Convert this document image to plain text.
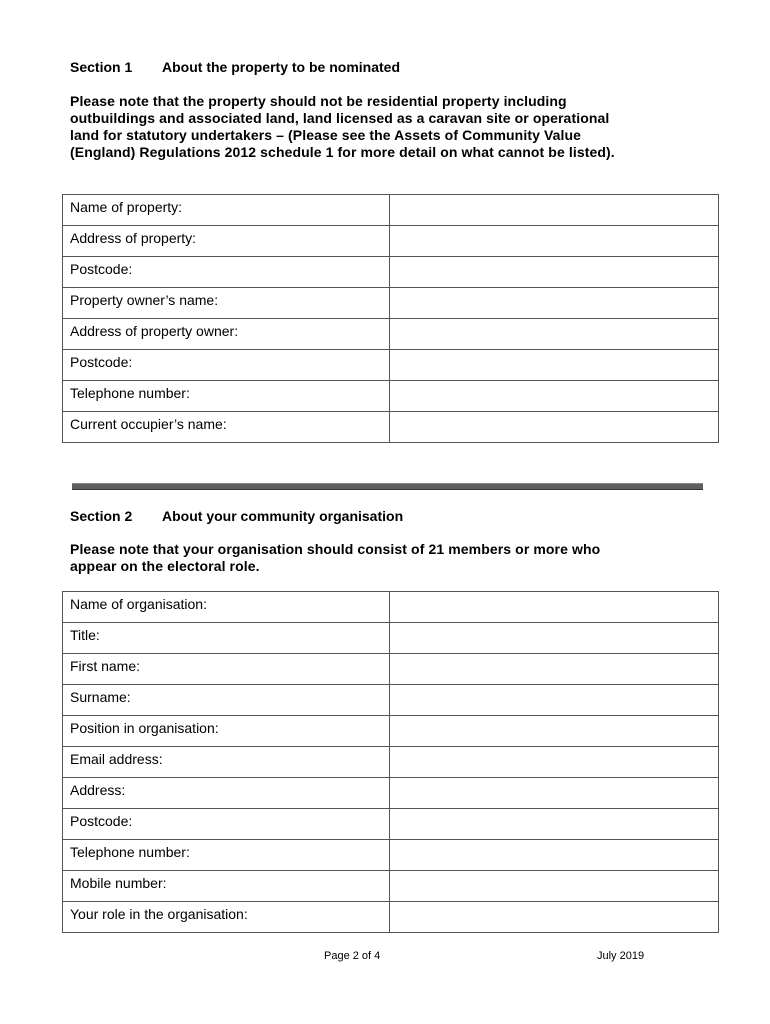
Section 1 About the property to be nominated
Please note that the property should not be residential property including
outbuildings and associated land, land licensed as a caravan site or operational
land for statutory undertakers – (Please see the Assets of Community Value
(England) Regulations 2012 schedule 1 for more detail on what cannot be listed).
Name of property:	
Address of property:	
Postcode:	
Property owner’s name:	
Address of property owner:	
Postcode:	
Telephone number:	
Current occupier’s name:	
Section 2 About your community organisation
Please note that your organisation should consist of 21 members or more who
appear on the electoral role.
Name of organisation:	
Title:	
First name:	
Surname:	
Position in organisation:	
Email address:	
Address:	
Postcode:	
Telephone number:	
Mobile number:	
Your role in the organisation:	
Page 2 of 4	July 2019
